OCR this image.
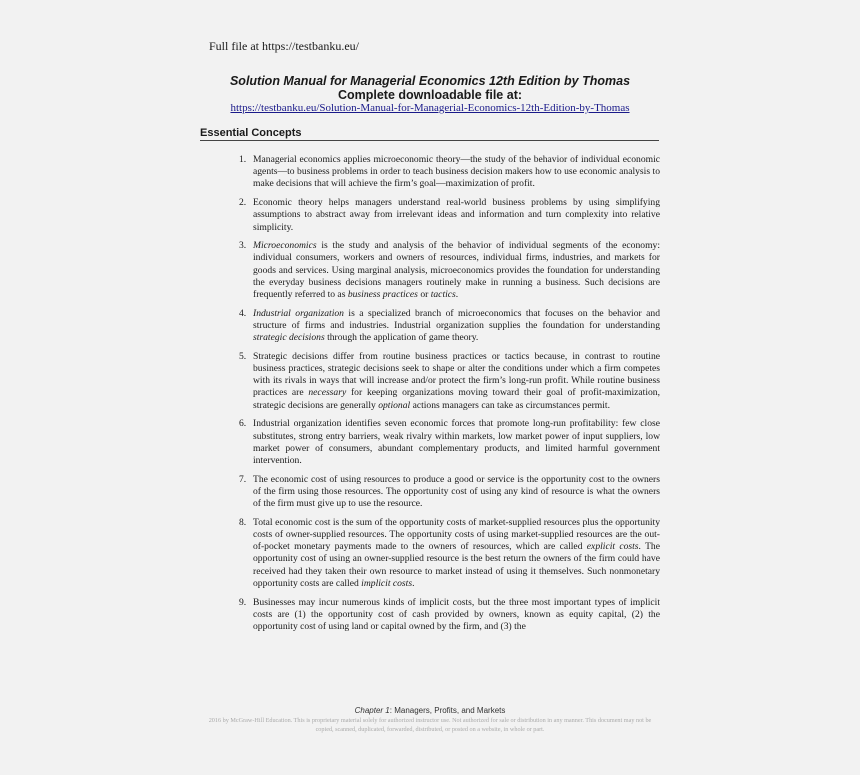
Full file at https://testbanku.eu/
Solution Manual for Managerial Economics 12th Edition by Thomas
Complete downloadable file at:
https://testbanku.eu/Solution-Manual-for-Managerial-Economics-12th-Edition-by-Thomas
Essential Concepts
1. Managerial economics applies microeconomic theory—the study of the behavior of individual economic agents—to business problems in order to teach business decision makers how to use economic analysis to make decisions that will achieve the firm’s goal—maximization of profit.
2. Economic theory helps managers understand real-world business problems by using simplifying assumptions to abstract away from irrelevant ideas and information and turn complexity into relative simplicity.
3. Microeconomics is the study and analysis of the behavior of individual segments of the economy: individual consumers, workers and owners of resources, individual firms, industries, and markets for goods and services. Using marginal analysis, microeconomics provides the foundation for understanding the everyday business decisions managers routinely make in running a business. Such decisions are frequently referred to as business practices or tactics.
4. Industrial organization is a specialized branch of microeconomics that focuses on the behavior and structure of firms and industries. Industrial organization supplies the foundation for understanding strategic decisions through the application of game theory.
5. Strategic decisions differ from routine business practices or tactics because, in contrast to routine business practices, strategic decisions seek to shape or alter the conditions under which a firm competes with its rivals in ways that will increase and/or protect the firm’s long-run profit. While routine business practices are necessary for keeping organizations moving toward their goal of profit-maximization, strategic decisions are generally optional actions managers can take as circumstances permit.
6. Industrial organization identifies seven economic forces that promote long-run profitability: few close substitutes, strong entry barriers, weak rivalry within markets, low market power of input suppliers, low market power of consumers, abundant complementary products, and limited harmful government intervention.
7. The economic cost of using resources to produce a good or service is the opportunity cost to the owners of the firm using those resources. The opportunity cost of using any kind of resource is what the owners of the firm must give up to use the resource.
8. Total economic cost is the sum of the opportunity costs of market-supplied resources plus the opportunity costs of owner-supplied resources. The opportunity costs of using market-supplied resources are the out-of-pocket monetary payments made to the owners of resources, which are called explicit costs. The opportunity cost of using an owner-supplied resource is the best return the owners of the firm could have received had they taken their own resource to market instead of using it themselves. Such nonmonetary opportunity costs are called implicit costs.
9. Businesses may incur numerous kinds of implicit costs, but the three most important types of implicit costs are (1) the opportunity cost of cash provided by owners, known as equity capital, (2) the opportunity cost of using land or capital owned by the firm, and (3) the
Chapter 1: Managers, Profits, and Markets
2016 by McGraw-Hill Education. This is proprietary material solely for authorized instructor use. Not authorized for sale or distribution in any manner. This document may not be copied, scanned, duplicated, forwarded, distributed, or posted on a website, in whole or part.
